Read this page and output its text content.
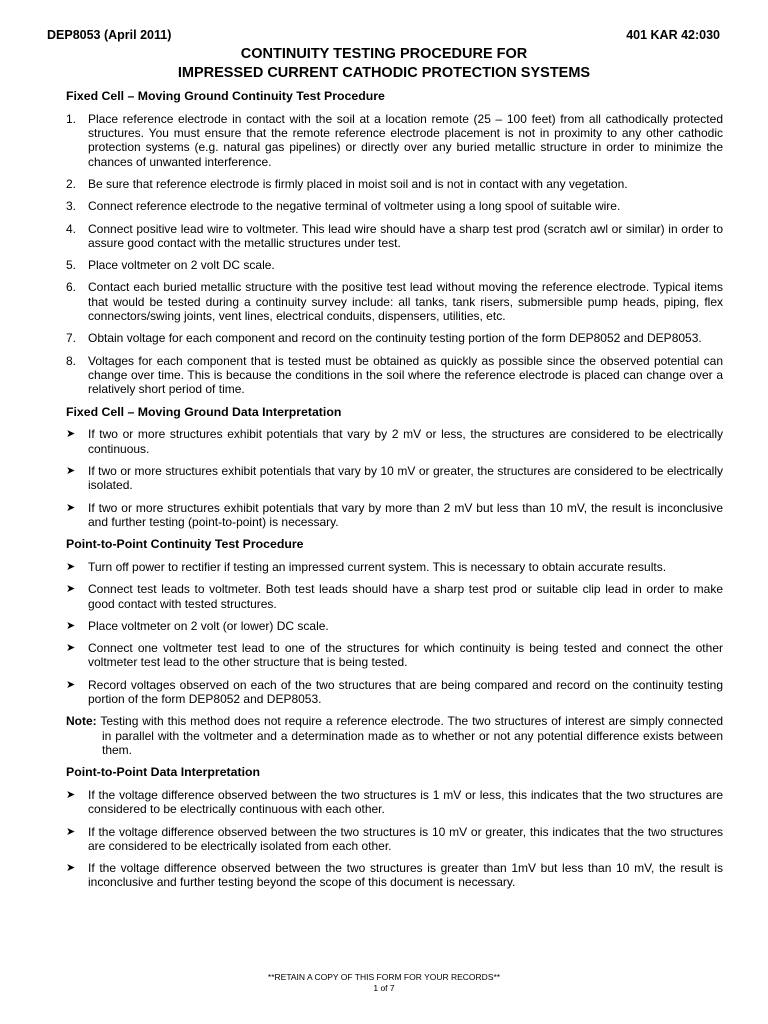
DEP8053 (April 2011)	401 KAR 42:030
CONTINUITY TESTING PROCEDURE FOR
IMPRESSED CURRENT CATHODIC PROTECTION SYSTEMS
Fixed Cell – Moving Ground Continuity Test Procedure
1. Place reference electrode in contact with the soil at a location remote (25 – 100 feet) from all cathodically protected structures. You must ensure that the remote reference electrode placement is not in proximity to any other cathodic protection systems (e.g. natural gas pipelines) or directly over any buried metallic structure in order to minimize the chances of unwanted interference.
2. Be sure that reference electrode is firmly placed in moist soil and is not in contact with any vegetation.
3. Connect reference electrode to the negative terminal of voltmeter using a long spool of suitable wire.
4. Connect positive lead wire to voltmeter. This lead wire should have a sharp test prod (scratch awl or similar) in order to assure good contact with the metallic structures under test.
5. Place voltmeter on 2 volt DC scale.
6. Contact each buried metallic structure with the positive test lead without moving the reference electrode. Typical items that would be tested during a continuity survey include: all tanks, tank risers, submersible pump heads, piping, flex connectors/swing joints, vent lines, electrical conduits, dispensers, utilities, etc.
7. Obtain voltage for each component and record on the continuity testing portion of the form DEP8052 and DEP8053.
8. Voltages for each component that is tested must be obtained as quickly as possible since the observed potential can change over time. This is because the conditions in the soil where the reference electrode is placed can change over a relatively short period of time.
Fixed Cell – Moving Ground Data Interpretation
➤ If two or more structures exhibit potentials that vary by 2 mV or less, the structures are considered to be electrically continuous.
➤ If two or more structures exhibit potentials that vary by 10 mV or greater, the structures are considered to be electrically isolated.
➤ If two or more structures exhibit potentials that vary by more than 2 mV but less than 10 mV, the result is inconclusive and further testing (point-to-point) is necessary.
Point-to-Point Continuity Test Procedure
➤ Turn off power to rectifier if testing an impressed current system. This is necessary to obtain accurate results.
➤ Connect test leads to voltmeter. Both test leads should have a sharp test prod or suitable clip lead in order to make good contact with tested structures.
➤ Place voltmeter on 2 volt (or lower) DC scale.
➤ Connect one voltmeter test lead to one of the structures for which continuity is being tested and connect the other voltmeter test lead to the other structure that is being tested.
➤ Record voltages observed on each of the two structures that are being compared and record on the continuity testing portion of the form DEP8052 and DEP8053.
Note: Testing with this method does not require a reference electrode. The two structures of interest are simply connected in parallel with the voltmeter and a determination made as to whether or not any potential difference exists between them.
Point-to-Point Data Interpretation
➤ If the voltage difference observed between the two structures is 1 mV or less, this indicates that the two structures are considered to be electrically continuous with each other.
➤ If the voltage difference observed between the two structures is 10 mV or greater, this indicates that the two structures are considered to be electrically isolated from each other.
➤ If the voltage difference observed between the two structures is greater than 1mV but less than 10 mV, the result is inconclusive and further testing beyond the scope of this document is necessary.
**RETAIN A COPY OF THIS FORM FOR YOUR RECORDS**
1 of 7
